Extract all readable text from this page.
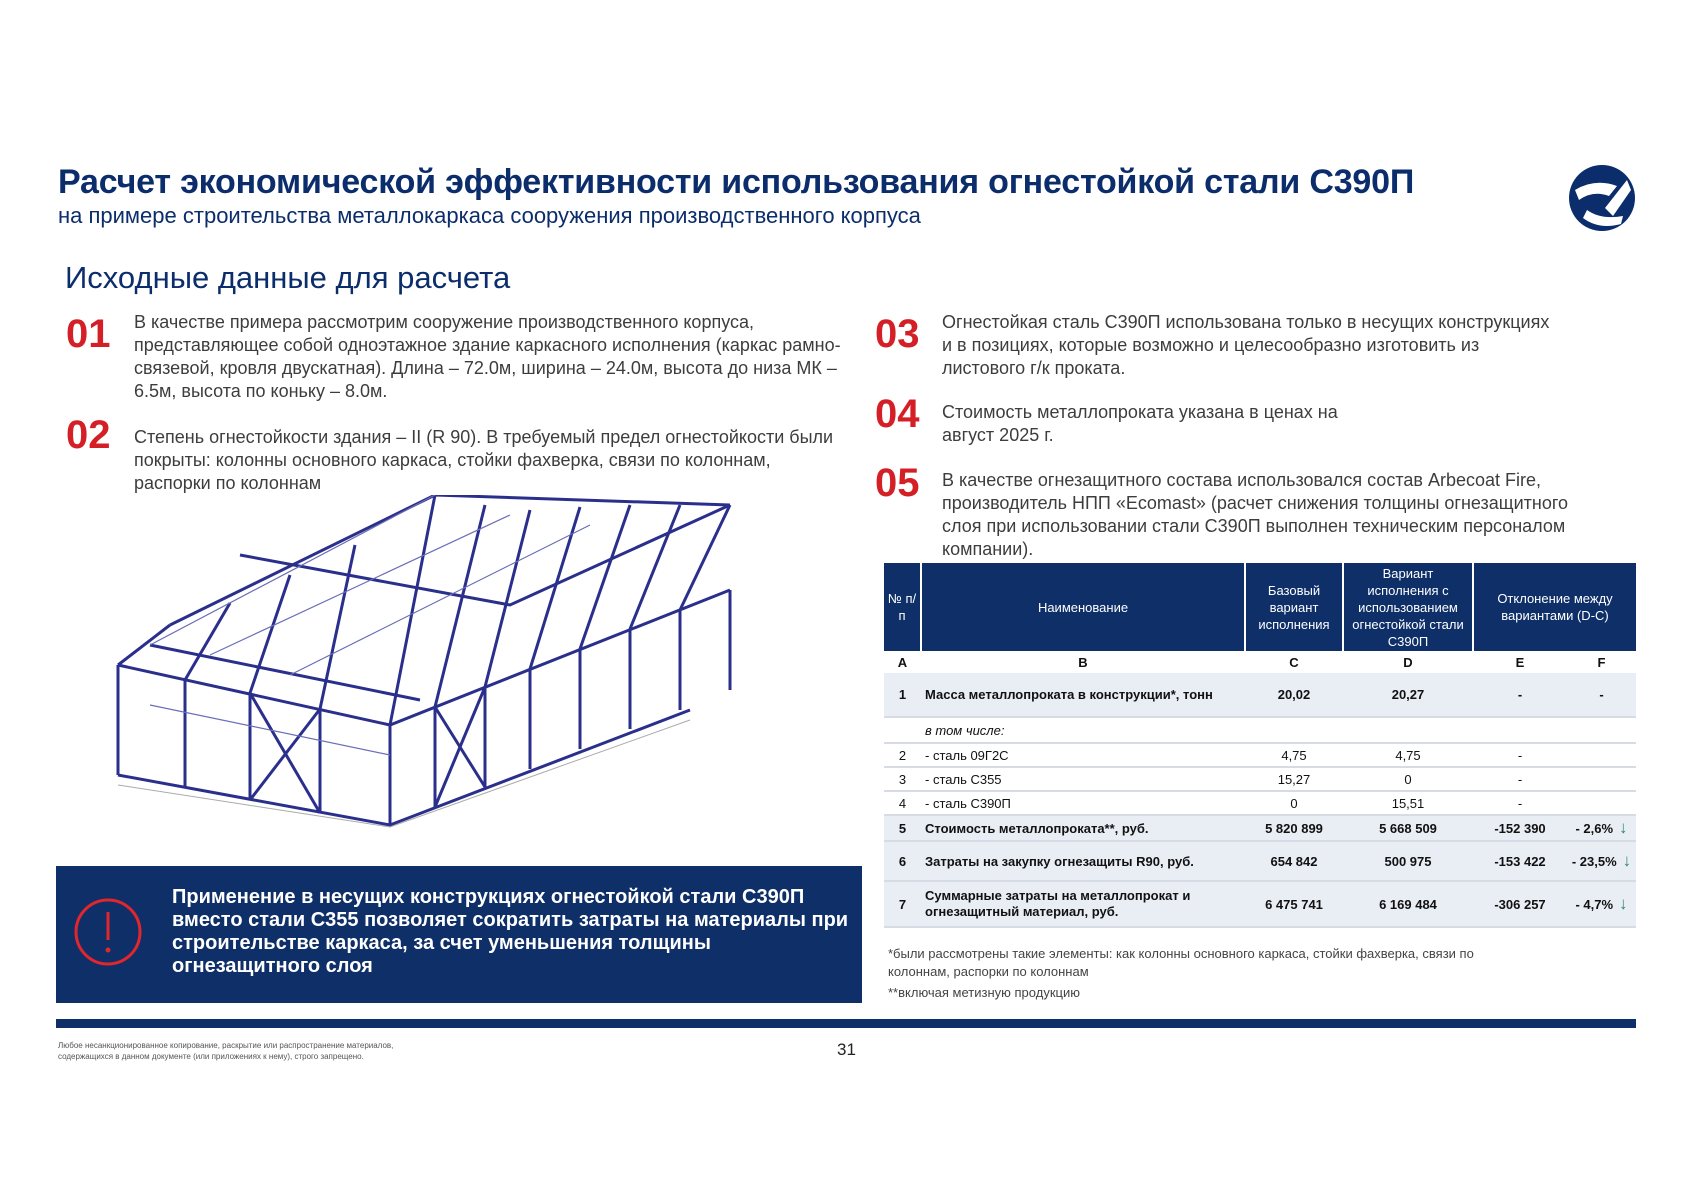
Расчет экономической эффективности использования огнестойкой стали С390П
на примере строительства металлокаркаса сооружения производственного корпуса
Исходные данные для расчета
01 В качестве примера рассмотрим сооружение производственного корпуса, представляющее собой одноэтажное здание каркасного исполнения (каркас рамно-связевой, кровля двускатная). Длина – 72.0м, ширина – 24.0м, высота до низа МК – 6.5м, высота по коньку – 8.0м.
02 Степень огнестойкости здания – II (R 90). В требуемый предел огнестойкости были покрыты: колонны основного каркаса, стойки фахверка, связи по колоннам, распорки по колоннам
03 Огнестойкая сталь С390П использована только в несущих конструкциях и в позициях, которые возможно и целесообразно изготовить из листового г/к проката.
04 Стоимость металлопроката указана в ценах на август 2025 г.
05 В качестве огнезащитного состава использовался состав Arbecoat Fire, производитель НПП «Ecomast» (расчет снижения толщины огнезащитного слоя при использовании стали С390П выполнен техническим персоналом компании).
Применение в несущих конструкциях огнестойкой стали С390П вместо стали С355 позволяет сократить затраты на материалы при строительстве каркаса, за счет уменьшения толщины огнезащитного слоя
№ п/п	Наименование	Базовый вариант исполнения	Вариант исполнения с использованием огнестойкой стали С390П	Отклонение между вариантами (D-C)	
A	B	C	D	E	F
1	Масса металлопроката в конструкции*, тонн	20,02	20,27	-	-
	в том числе:				
2	- сталь 09Г2С	4,75	4,75	-	
3	- сталь С355	15,27	0	-	
4	- сталь С390П	0	15,51	-	
5	Стоимость металлопроката**, руб.	5 820 899	5 668 509	-152 390	- 2,6% ↓
6	Затраты на закупку огнезащиты R90, руб.	654 842	500 975	-153 422	- 23,5% ↓
7	Суммарные затраты на металлопрокат и огнезащитный материал, руб.	6 475 741	6 169 484	-306 257	- 4,7% ↓
*были рассмотрены такие элементы: как колонны основного каркаса, стойки фахверка, связи по колоннам, распорки по колоннам
**включая метизную продукцию
Любое несанкционированное копирование, раскрытие или распространение материалов, содержащихся в данном документе (или приложениях к нему), строго запрещено.	31
